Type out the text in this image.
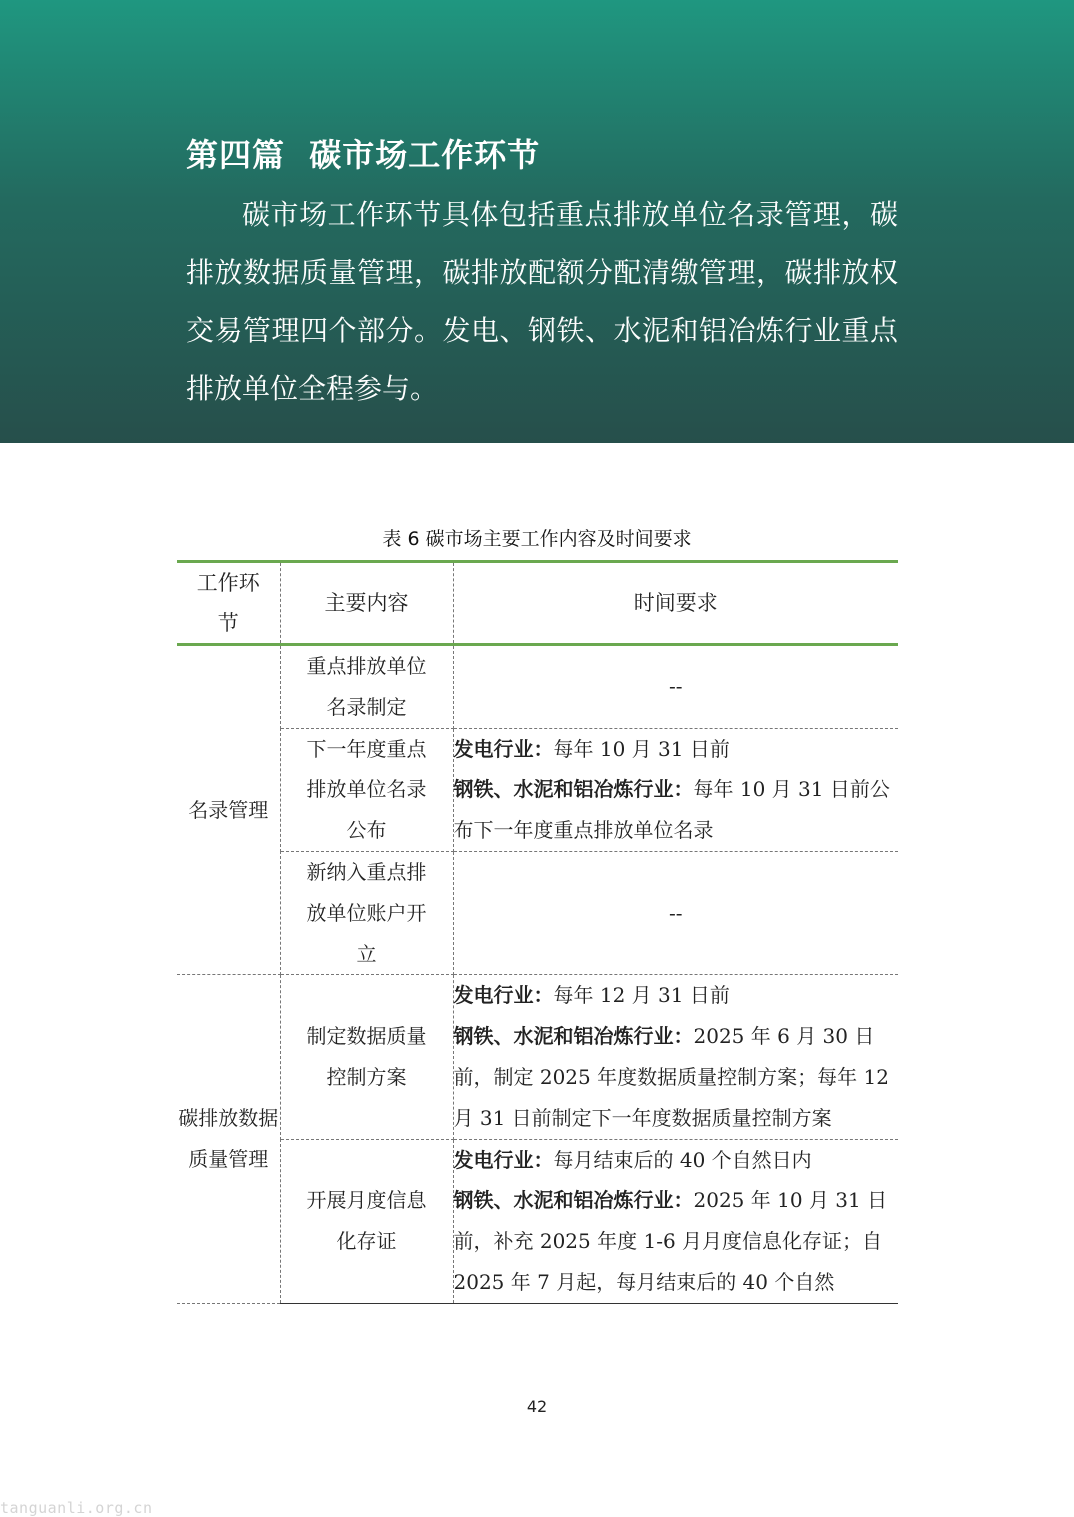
第四篇  碳市场工作环节
碳市场工作环节具体包括重点排放单位名录管理，碳排放数据质量管理，碳排放配额分配清缴管理，碳排放权交易管理四个部分。发电、钢铁、水泥和铝冶炼行业重点排放单位全程参与。
表 6 碳市场主要工作内容及时间要求
工作环节	主要内容	时间要求
名录管理	重点排放单位名录制定	--
	下一年度重点排放单位名录公布	发电行业：每年 10 月 31 日前
钢铁、水泥和铝冶炼行业：每年 10 月 31 日前公布下一年度重点排放单位名录

	新纳入重点排放单位账户开立	--
碳排放数据质量管理	制定数据质量控制方案	发电行业：每年 12 月 31 日前
钢铁、水泥和铝冶炼行业：2025 年 6 月 30 日前，制定 2025 年度数据质量控制方案；每年 12 月 31 日前制定下一年度数据质量控制方案

	开展月度信息化存证	发电行业：每月结束后的 40 个自然日内
钢铁、水泥和铝冶炼行业：2025 年 10 月 31 日前，补充 2025 年度 1-6 月月度信息化存证；自 2025 年 7 月起，每月结束后的 40 个自然
42
tanguanli.org.cn
